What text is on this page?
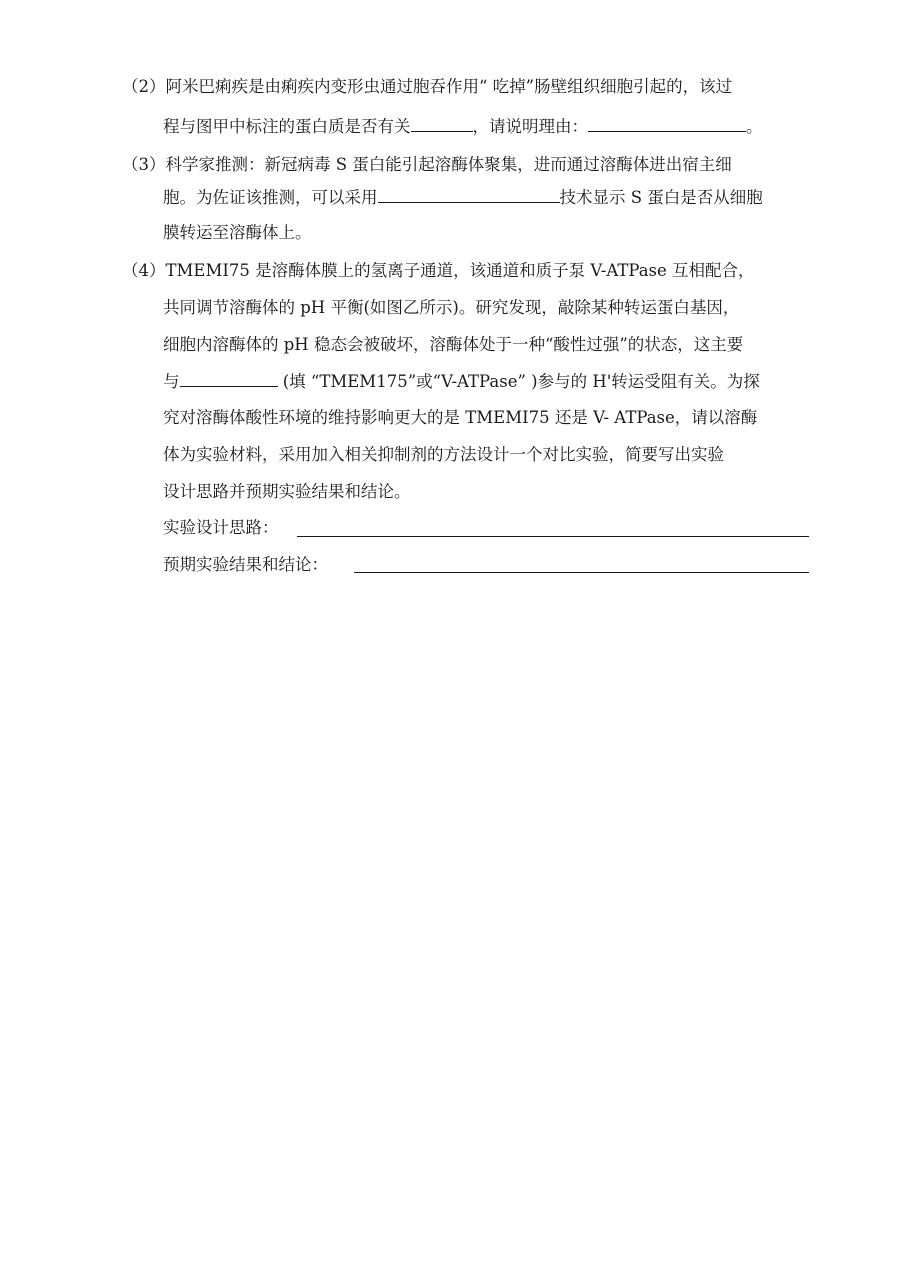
（2）阿米巴痢疾是由痢疾内变形虫通过胞吞作用“ 吃掉”肠壁组织细胞引起的，该过
程与图甲中标注的蛋白质是否有关	，请说明理由：	。
（3）科学家推测：新冠病毒 S 蛋白能引起溶酶体聚集，进而通过溶酶体进出宿主细
胞。为佐证该推测，可以采用	技术显示 S 蛋白是否从细胞
膜转运至溶酶体上。
（4）TMEMI75 是溶酶体膜上的氢离子通道，该通道和质子泵 V-ATPase 互相配合，
共同调节溶酶体的 pH 平衡(如图乙所示)。研究发现，敲除某种转运蛋白基因，
细胞内溶酶体的 pH 稳态会被破坏，溶酶体处于一种“酸性过强”的状态，这主要
与	(填 “TMEM175”或“V-ATPase” )参与的 H'转运受阻有关。为探
究对溶酶体酸性环境的维持影响更大的是 TMEMI75 还是 V- ATPase，请以溶酶
体为实验材料，采用加入相关抑制剂的方法设计一个对比实验，简要写出实验
设计思路并预期实验结果和结论。
实验设计思路：
预期实验结果和结论：
